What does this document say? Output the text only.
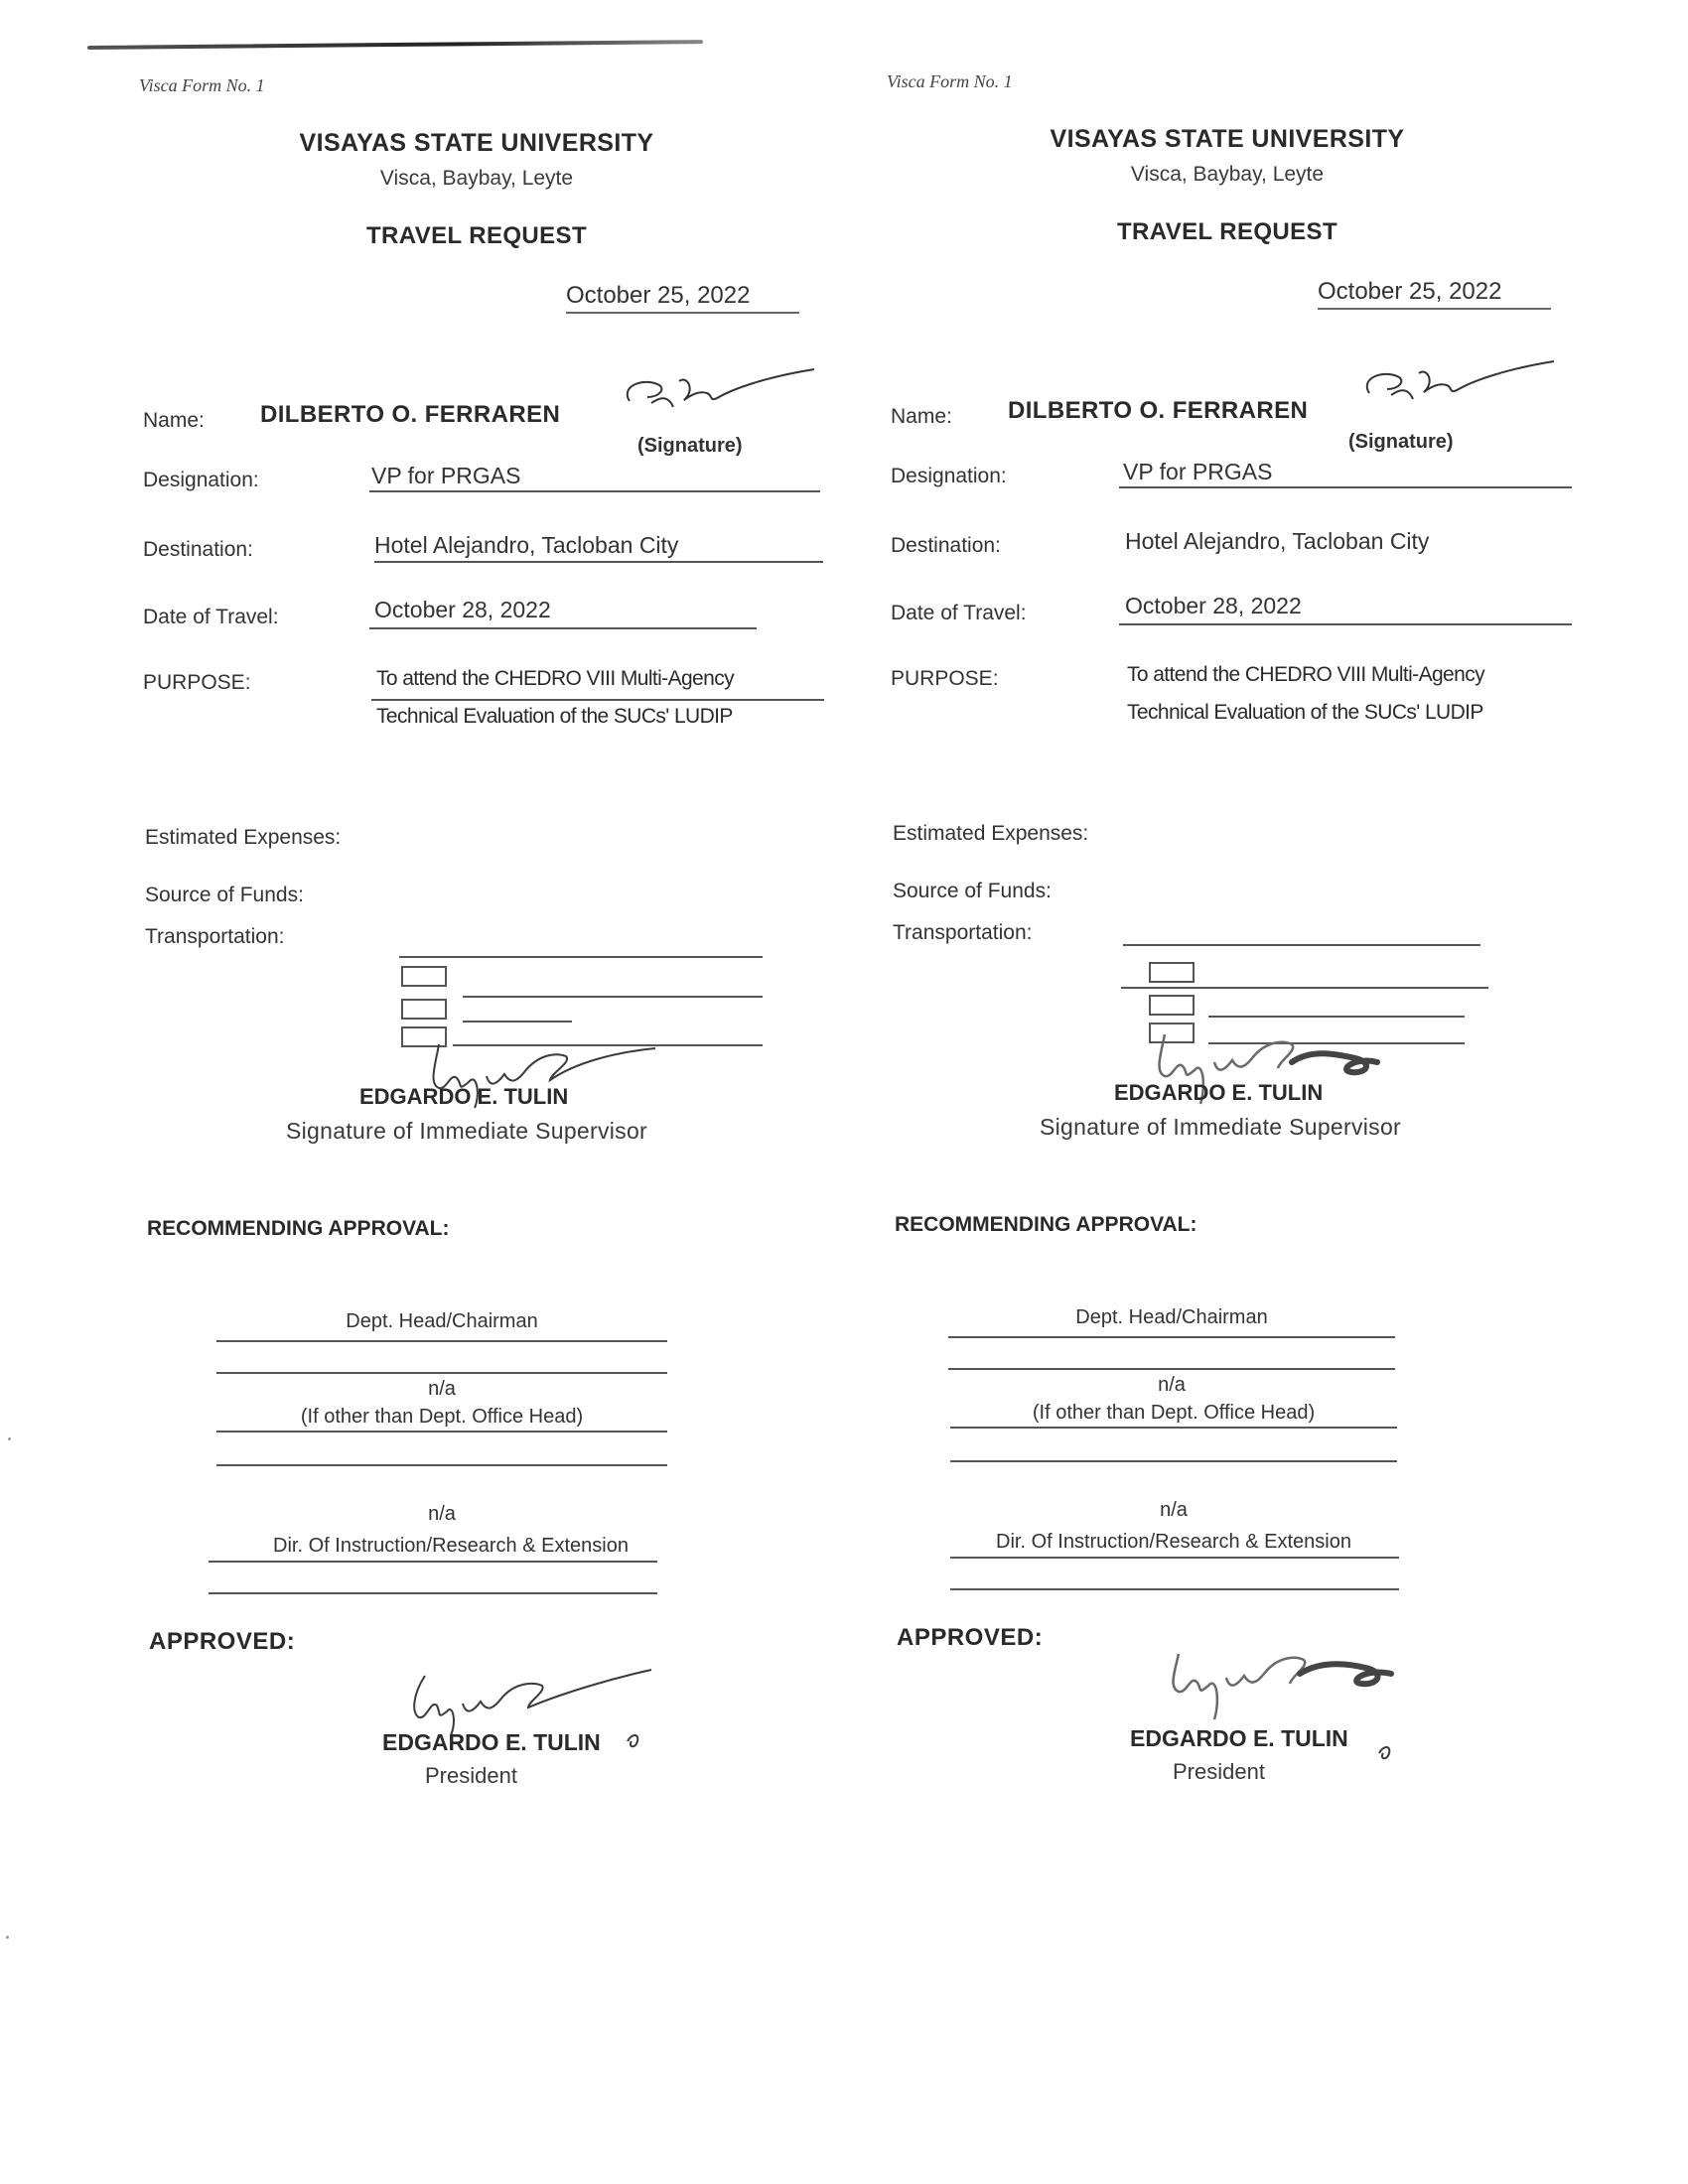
Visca Form No. 1
VISAYAS STATE UNIVERSITY
Visca, Baybay, Leyte
TRAVEL REQUEST
October 25, 2022
Name: DILBERTO O. FERRAREN
(Signature)
Designation:	VP for PRGAS
Destination:	Hotel Alejandro, Tacloban City
Date of Travel:	October 28, 2022
PURPOSE:	To attend the CHEDRO VIII Multi-Agency
Technical Evaluation of the SUCs' LUDIP
Estimated Expenses:
Source of Funds:
Transportation:
EDGARDO E. TULIN
Signature of Immediate Supervisor
RECOMMENDING APPROVAL:
Dept. Head/Chairman
n/a
(If other than Dept. Office Head)
n/a
Dir. Of Instruction/Research & Extension
APPROVED:
EDGARDO E. TULIN
President
Visca Form No. 1
VISAYAS STATE UNIVERSITY
Visca, Baybay, Leyte
TRAVEL REQUEST
October 25, 2022
Name: DILBERTO O. FERRAREN
(Signature)
Designation:	VP for PRGAS
Destination:	Hotel Alejandro, Tacloban City
Date of Travel:	October 28, 2022
PURPOSE:	To attend the CHEDRO VIII Multi-Agency
Technical Evaluation of the SUCs' LUDIP
Estimated Expenses:
Source of Funds:
Transportation:
EDGARDO E. TULIN
Signature of Immediate Supervisor
RECOMMENDING APPROVAL:
Dept. Head/Chairman
n/a
(If other than Dept. Office Head)
n/a
Dir. Of Instruction/Research & Extension
APPROVED:
EDGARDO E. TULIN
President
